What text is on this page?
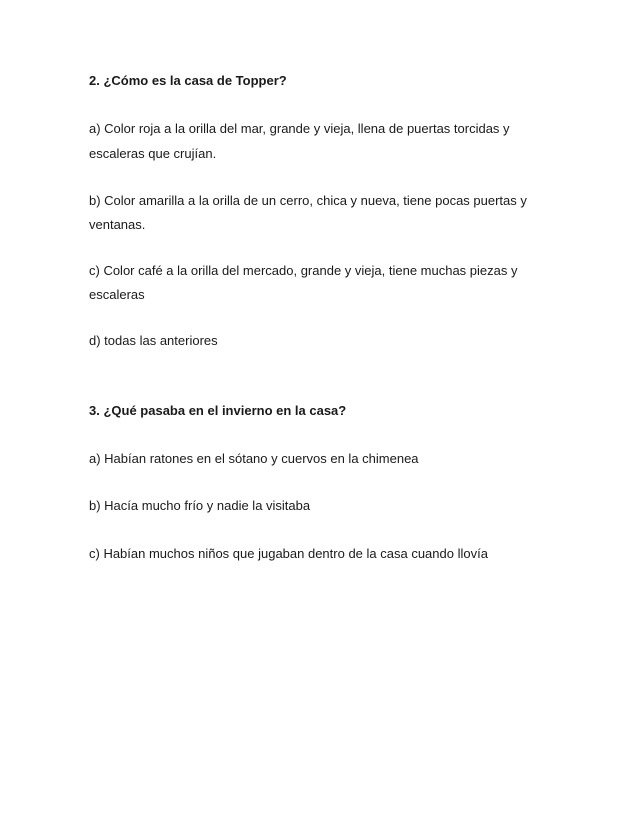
2. ¿Cómo es la casa de Topper?
a) Color roja a la orilla del mar, grande y vieja, llena de puertas torcidas y
escaleras que crujían.
b) Color amarilla a la orilla de un cerro, chica y nueva, tiene pocas puertas y
ventanas.
c) Color café a la orilla del mercado, grande y vieja, tiene muchas piezas y
escaleras
d) todas las anteriores
3. ¿Qué pasaba en el invierno en la casa?
a) Habían ratones en el sótano y cuervos en la chimenea
b) Hacía mucho frío y nadie la visitaba
c) Habían muchos niños que jugaban dentro de la casa cuando llovía
